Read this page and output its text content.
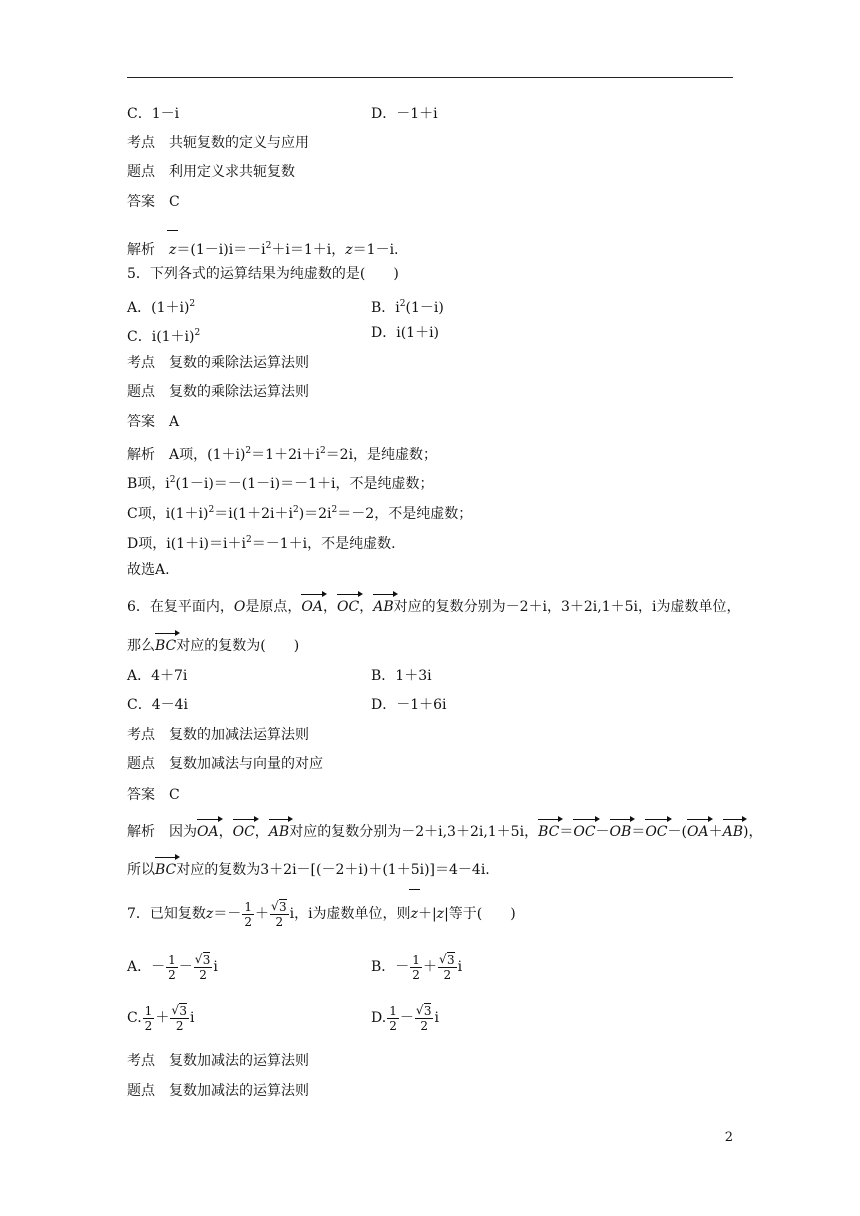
C．1－i	D．－1＋i
考点 共轭复数的定义与应用
题点 利用定义求共轭复数
答案 C
解析 $z=(1-i)i=-i^2+i=1+i$，z＝1－i.
5．下列各式的运算结果为纯虚数的是(　　)
A．$(1+i)^2$	B．$i^2(1-i)$
C．$i(1+i)^2$	D．i(1＋i)
考点 复数的乘除法运算法则
题点 复数的乘除法运算法则
答案 A
解析 A项，$(1+i)^2=1+2i+i^2=2i$，是纯虚数；
B项，$i^2(1-i)=-(1-i)=-1+i$，不是纯虚数；
C项，$i(1+i)^2=i(1+2i+i^2)=2i^2=-2$，不是纯虚数；
D项，$i(1+i)=i+i^2=-1+i$，不是纯虚数.
故选A.
6．在复平面内，O是原点，OA，OC，AB对应的复数分别为－2＋i，3＋2i,1＋5i，i为虚数单位，
那么BC对应的复数为(　　)
A．4＋7i	B．1＋3i
C．4－4i	D．－1＋6i
考点 复数的加减法运算法则
题点 复数加减法与向量的对应
答案 C
解析 因为OA，OC，AB对应的复数分别为－2＋i,3＋2i,1＋5i，BC＝OC－OB＝OC－(OA＋AB)，
所以BC对应的复数为3＋2i－[(－2＋i)＋(1＋5i)]＝4－4i.
7．已知复数$z=- \frac{1}{2}$ ＋ √ $\frac{3}{2}$ i，i为虚数单位，则z＋|z|等于(　　)
A．－ $\frac{1}{2}$ － √ $\frac{3}{2}$ i	B．－ $\frac{1}{2}$ ＋ √ $\frac{3}{2}$ i
C. $\frac{1}{2}$ ＋ √ $\frac{3}{2}$ i	D. $\frac{1}{2}$ － √ $\frac{3}{2}$ i
考点 复数加减法的运算法则
题点 复数加减法的运算法则
2
